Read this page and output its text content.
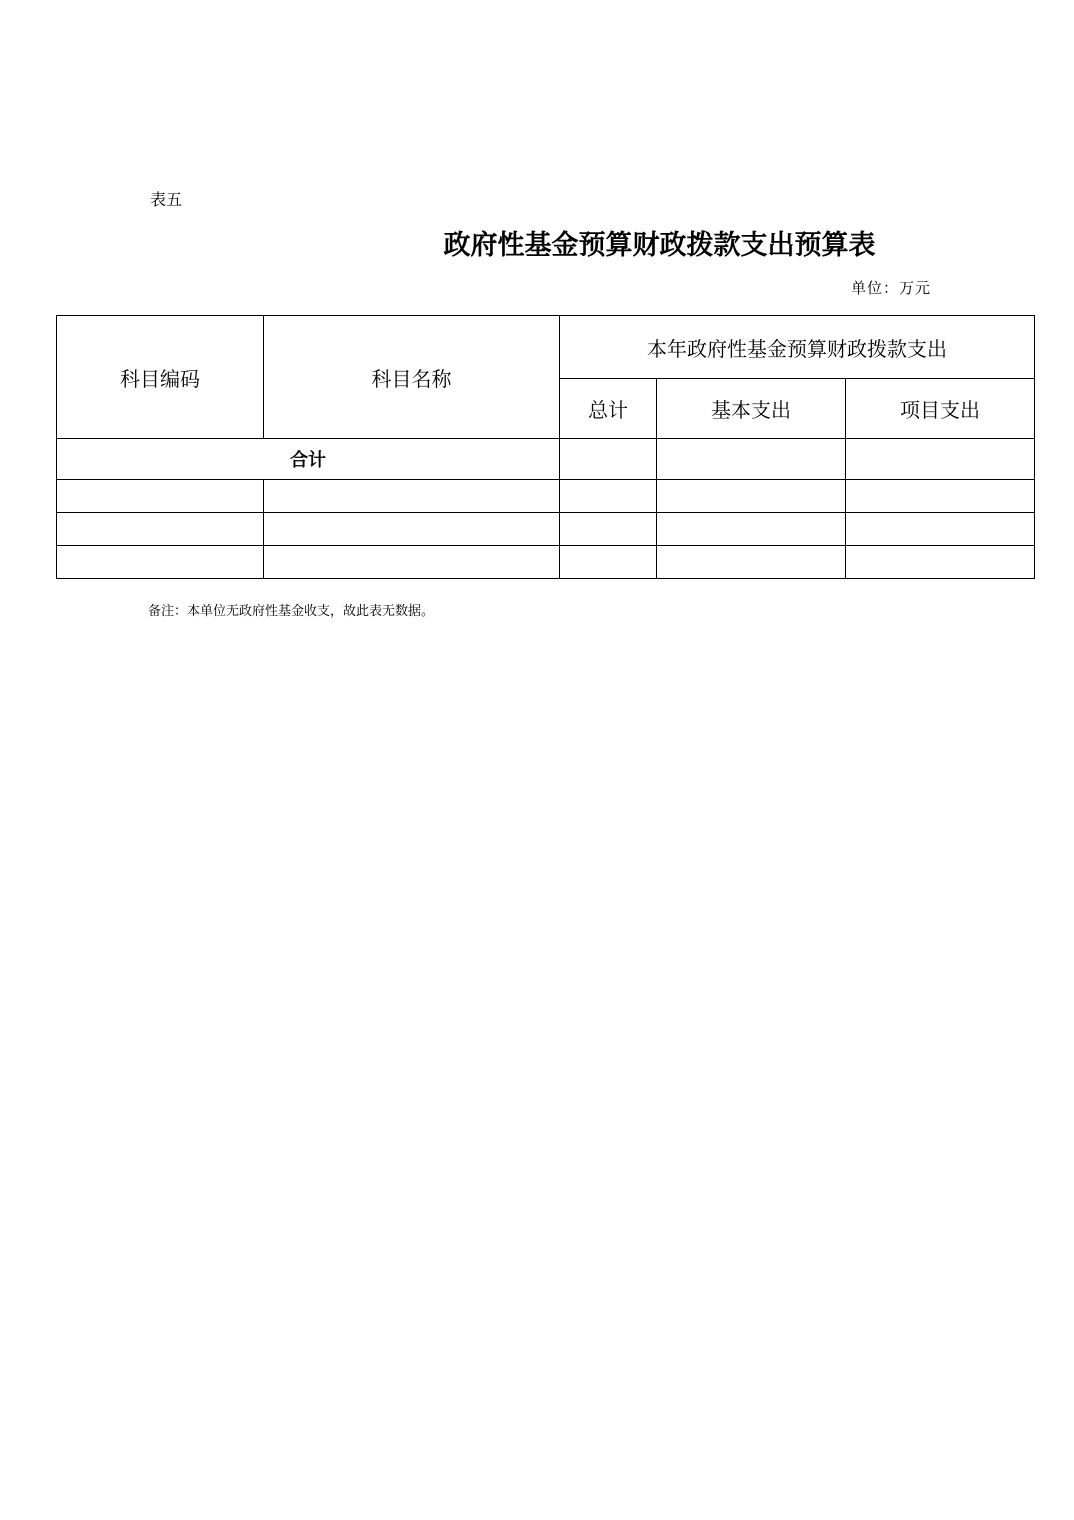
表五
政府性基金预算财政拨款支出预算表
单位：万元
科目编码	科目名称	本年政府性基金预算财政拨款支出		
		总计	基本支出	项目支出
合计				

备注：本单位无政府性基金收支，故此表无数据。
